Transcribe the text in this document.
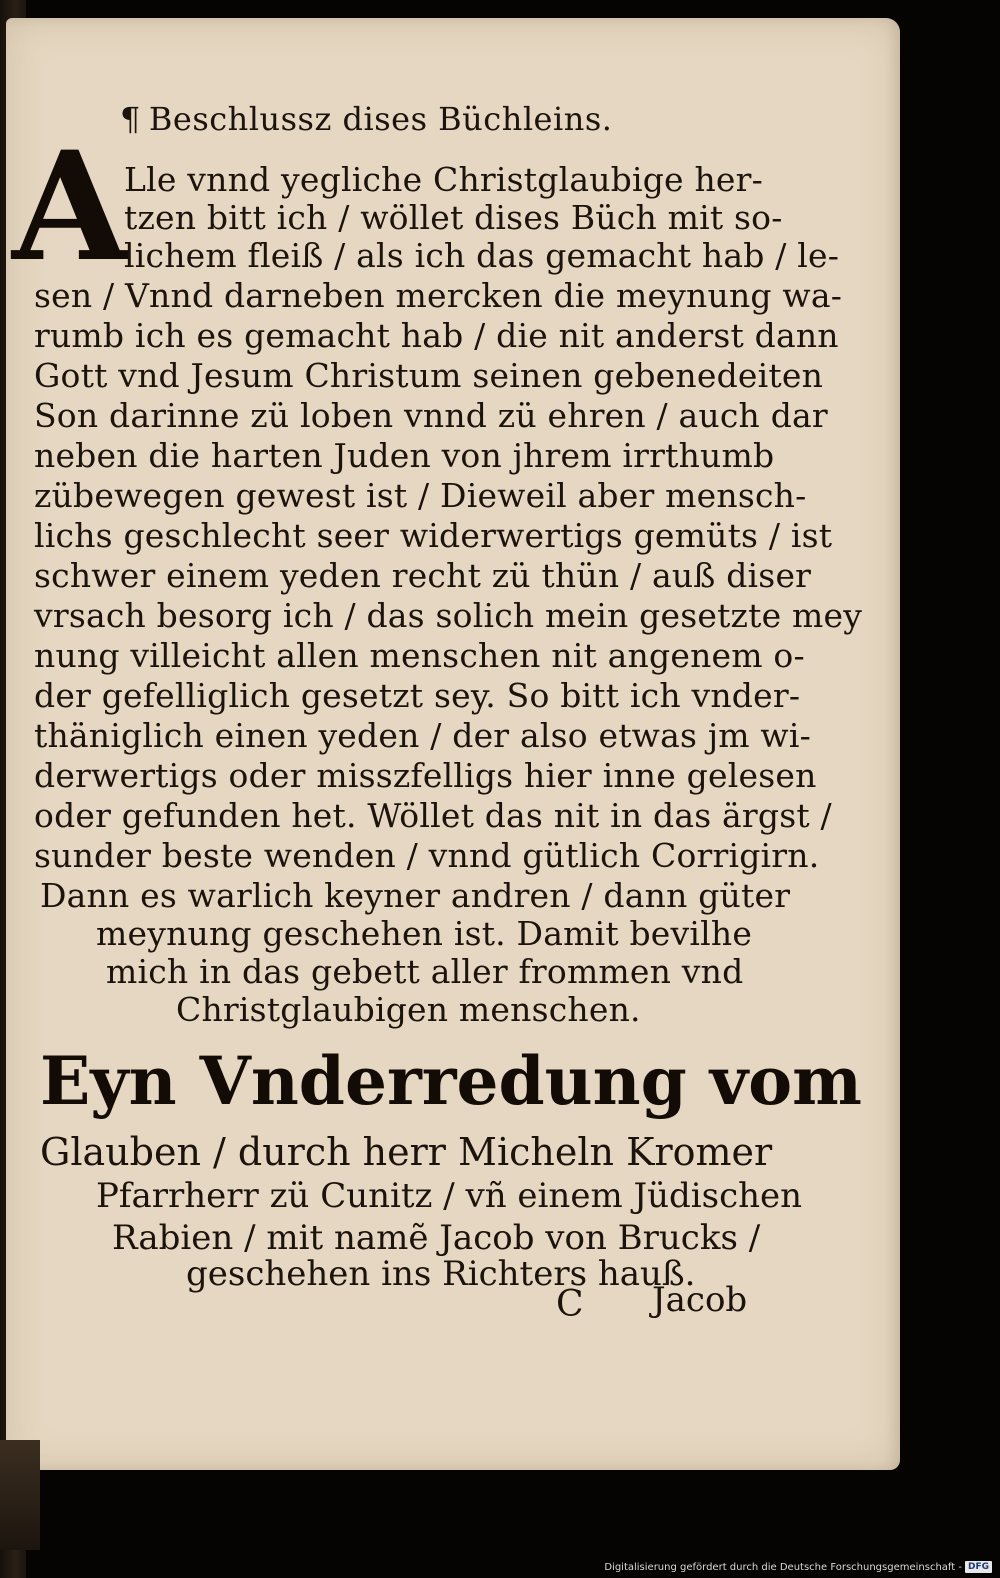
¶ Beschlussz dises Büchleins.
A
Lle vnnd yegliche Christglaubige her-
tzen bitt ich / wöllet dises Büch mit so-
lichem fleiß / als ich das gemacht hab / le-
sen / Vnnd darneben mercken die meynung wa-
rumb ich es gemacht hab / die nit anderst dann
Gott vnd Jesum Christum seinen gebenedeiten
Son darinne zü loben vnnd zü ehren / auch dar
neben die harten Juden von jhrem irrthumb
zübewegen gewest ist / Dieweil aber mensch-
lichs geschlecht seer widerwertigs gemüts / ist
schwer einem yeden recht zü thün / auß diser
vrsach besorg ich / das solich mein gesetzte mey
nung villeicht allen menschen nit angenem o-
der gefelliglich gesetzt sey. So bitt ich vnder-
thäniglich einen yeden / der also etwas jm wi-
derwertigs oder misszfelligs hier inne gelesen
oder gefunden het. Wöllet das nit in das ärgst /
sunder beste wenden / vnnd gütlich Corrigirn.
Dann es warlich keyner andren / dann güter
meynung geschehen ist. Damit bevilhe
mich in das gebett aller frommen vnd
Christglaubigen menschen.
Eyn Vnderredung vom
Glauben / durch herr Micheln Kromer
Pfarrherr zü Cunitz / vñ einem Jüdischen
Rabien / mit namẽ Jacob von Brucks /
geschehen ins Richters hauß.
C Jacob
Digitalisierung gefördert durch die Deutsche Forschungsgemeinschaft - DFG
